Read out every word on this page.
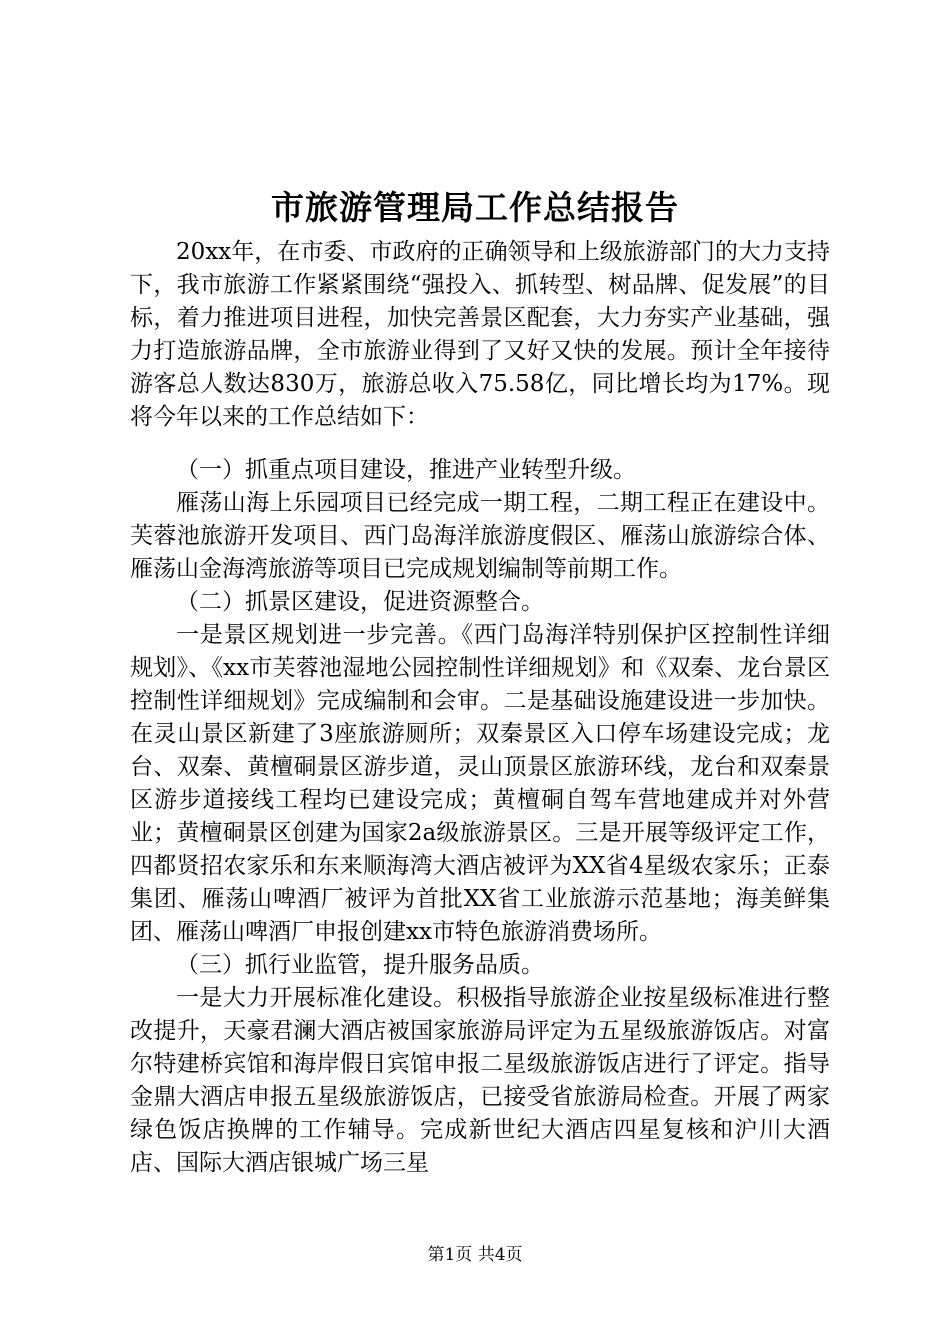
市旅游管理局工作总结报告

20xx年，在市委、市政府的正确领导和上级旅游部门的大力支持下，我市旅游工作紧紧围绕“强投入、抓转型、树品牌、促发展”的目标，着力推进项目进程，加快完善景区配套，大力夯实产业基础，强力打造旅游品牌，全市旅游业得到了又好又快的发展。预计全年接待游客总人数达830万，旅游总收入75.58亿，同比增长均为17%。现将今年以来的工作总结如下：

（一）抓重点项目建设，推进产业转型升级。

雁荡山海上乐园项目已经完成一期工程，二期工程正在建设中。芙蓉池旅游开发项目、西门岛海洋旅游度假区、雁荡山旅游综合体、雁荡山金海湾旅游等项目已完成规划编制等前期工作。

（二）抓景区建设，促进资源整合。

一是景区规划进一步完善。《西门岛海洋特别保护区控制性详细规划》、《xx市芙蓉池湿地公园控制性详细规划》和《双秦、龙台景区控制性详细规划》完成编制和会审。二是基础设施建设进一步加快。在灵山景区新建了3座旅游厕所；双秦景区入口停车场建设完成；龙台、双秦、黄檀硐景区游步道，灵山顶景区旅游环线，龙台和双秦景区游步道接线工程均已建设完成；黄檀硐自驾车营地建成并对外营业；黄檀硐景区创建为国家2a级旅游景区。三是开展等级评定工作，四都贤招农家乐和东来顺海湾大酒店被评为XX省4星级农家乐；正泰集团、雁荡山啤酒厂被评为首批XX省工业旅游示范基地；海美鲜集团、雁荡山啤酒厂申报创建xx市特色旅游消费场所。

（三）抓行业监管，提升服务品质。

一是大力开展标准化建设。积极指导旅游企业按星级标准进行整改提升，天豪君澜大酒店被国家旅游局评定为五星级旅游饭店。对富尔特建桥宾馆和海岸假日宾馆申报二星级旅游饭店进行了评定。指导金鼎大酒店申报五星级旅游饭店，已接受省旅游局检查。开展了两家绿色饭店换牌的工作辅导。完成新世纪大酒店四星复核和沪川大酒店、国际大酒店银城广场三星

第1页 共4页
